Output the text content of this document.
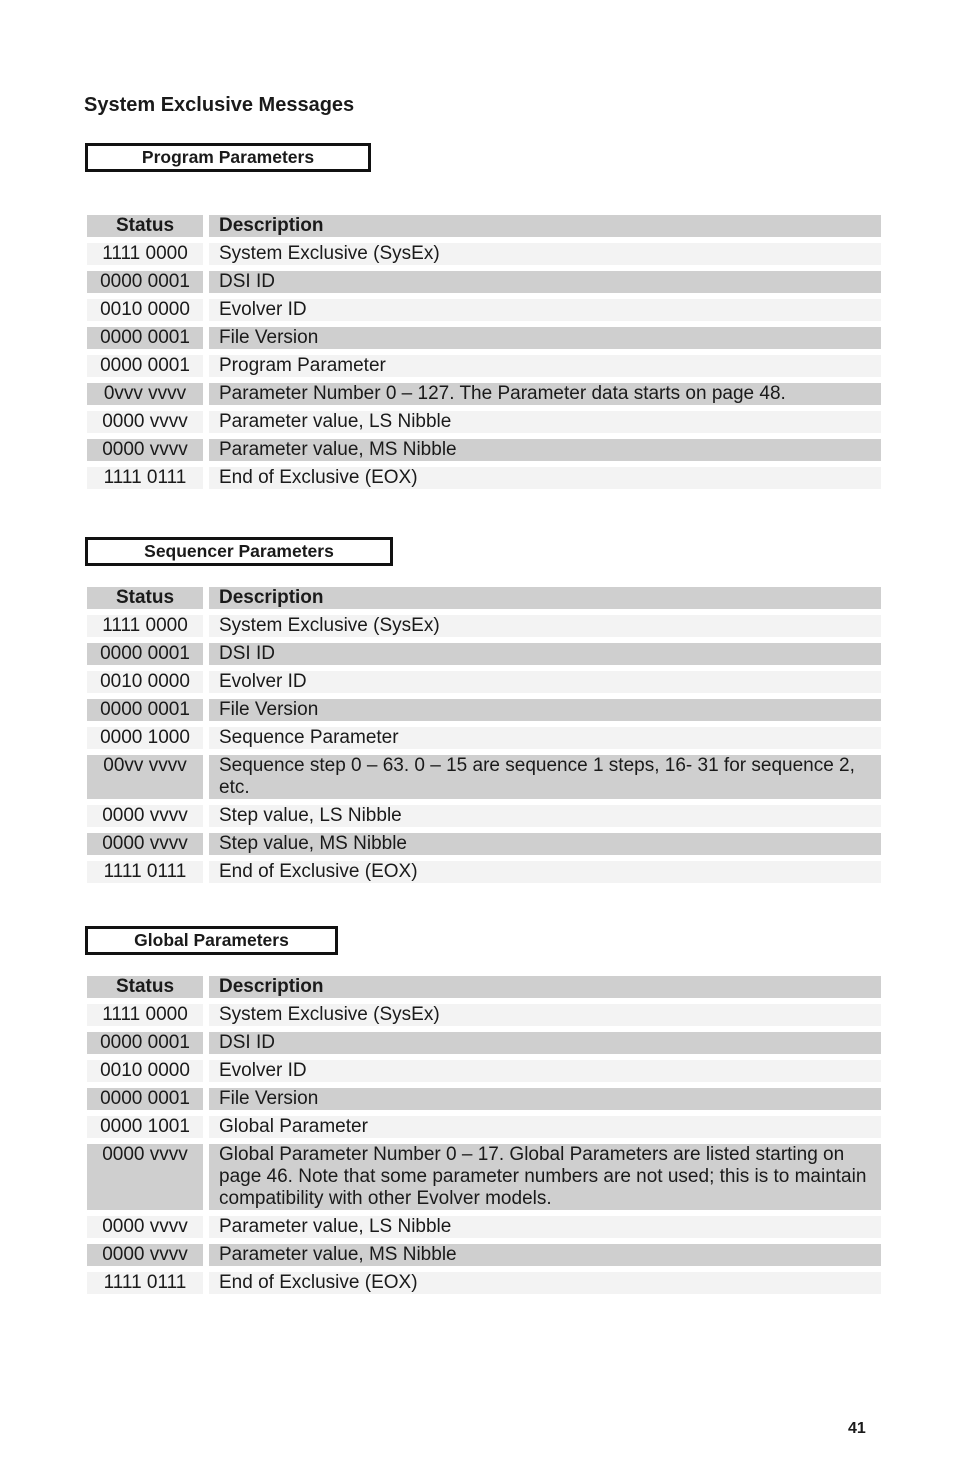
System Exclusive Messages
Program Parameters
Status	Description
1111 0000	System Exclusive (SysEx)
0000 0001	DSI ID
0010 0000	Evolver ID
0000 0001	File Version
0000 0001	Program Parameter
0vvv vvvv	Parameter Number 0 – 127. The Parameter data starts on page 48.
0000 vvvv	Parameter value, LS Nibble
0000 vvvv	Parameter value, MS Nibble
1111 0111	End of Exclusive (EOX)
Sequencer Parameters
Status	Description
1111 0000	System Exclusive (SysEx)
0000 0001	DSI ID
0010 0000	Evolver ID
0000 0001	File Version
0000 1000	Sequence Parameter
00vv vvvv	Sequence step 0 – 63. 0 – 15 are sequence 1 steps, 16- 31 for sequence 2, etc.
0000 vvvv	Step value, LS Nibble
0000 vvvv	Step value, MS Nibble
1111 0111	End of Exclusive (EOX)
Global Parameters
Status	Description
1111 0000	System Exclusive (SysEx)
0000 0001	DSI ID
0010 0000	Evolver ID
0000 0001	File Version
0000 1001	Global Parameter
0000 vvvv	Global Parameter Number 0 – 17. Global Parameters are listed starting on page 46. Note that some parameter numbers are not used; this is to maintain compatibility with other Evolver models.
0000 vvvv	Parameter value, LS Nibble
0000 vvvv	Parameter value, MS Nibble
1111 0111	End of Exclusive (EOX)
41
